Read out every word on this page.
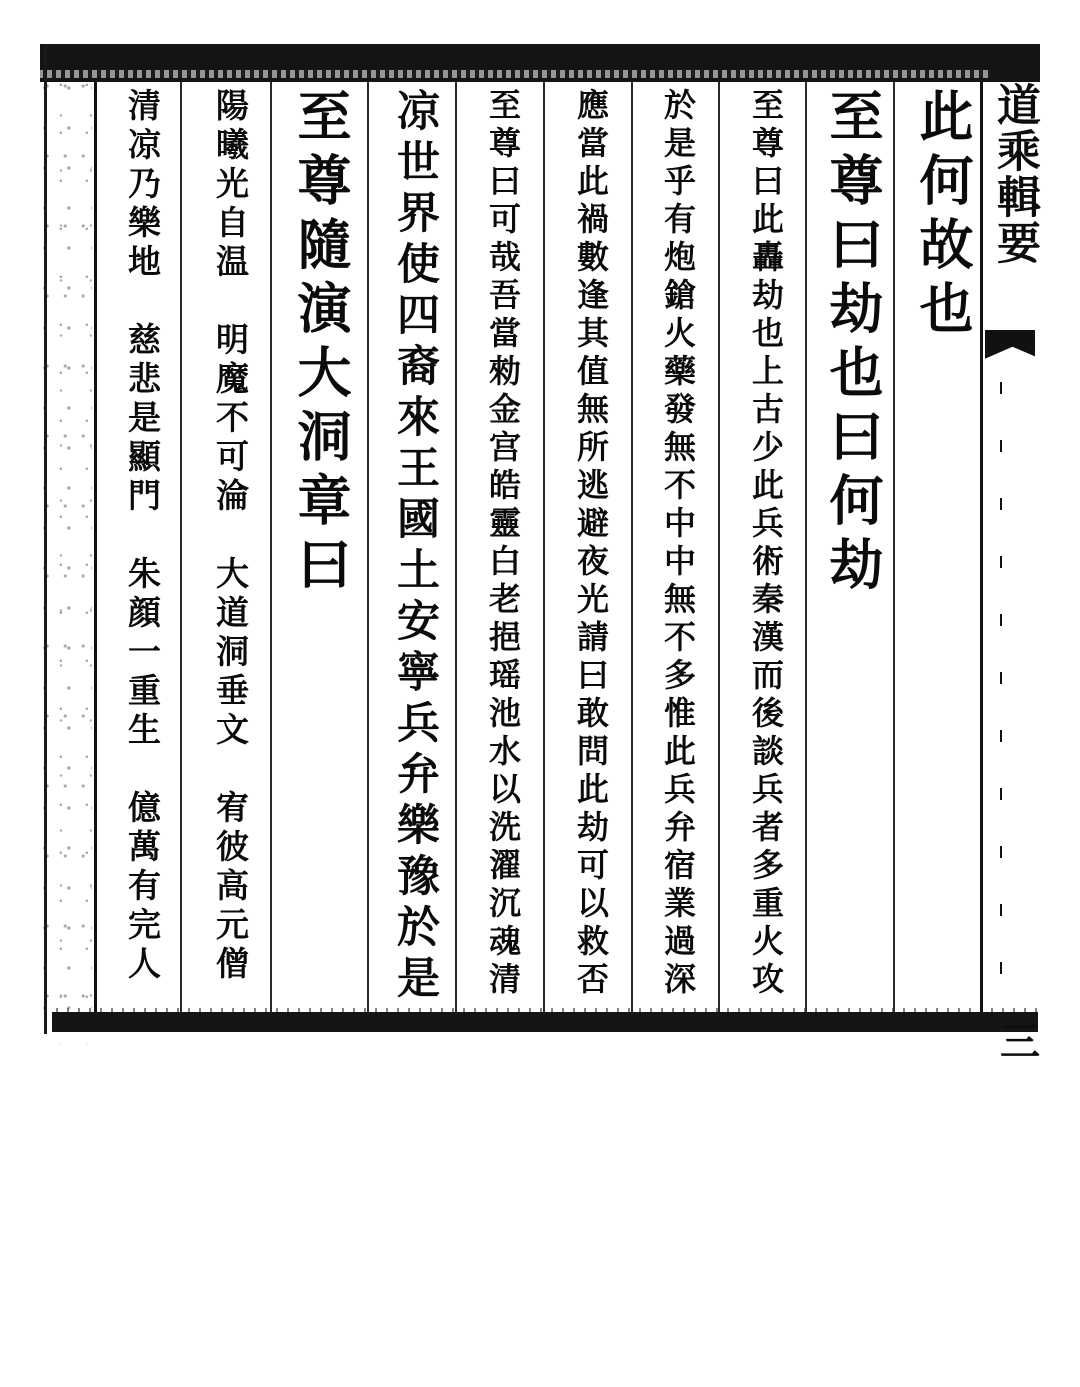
道乘輯要
三
此何故也
至尊曰劫也曰何劫
至尊曰此轟劫也上古少此兵術秦漢而後談兵者多重火攻
於是乎有炮鎗火藥發無不中中無不多惟此兵弁宿業過深
應當此禍數逢其值無所逃避夜光請曰敢問此劫可以救否
至尊曰可哉吾當勑金宫皓靈白老挹瑶池水以洗濯沉魂清
凉世界使四裔來王國土安寧兵弁樂豫於是
至尊隨演大洞章曰
陽曦光自温　明魔不可淪　大道洞垂文　宥彼高元僧
清凉乃樂地　慈悲是顯門　朱顔一重生　億萬有完人
